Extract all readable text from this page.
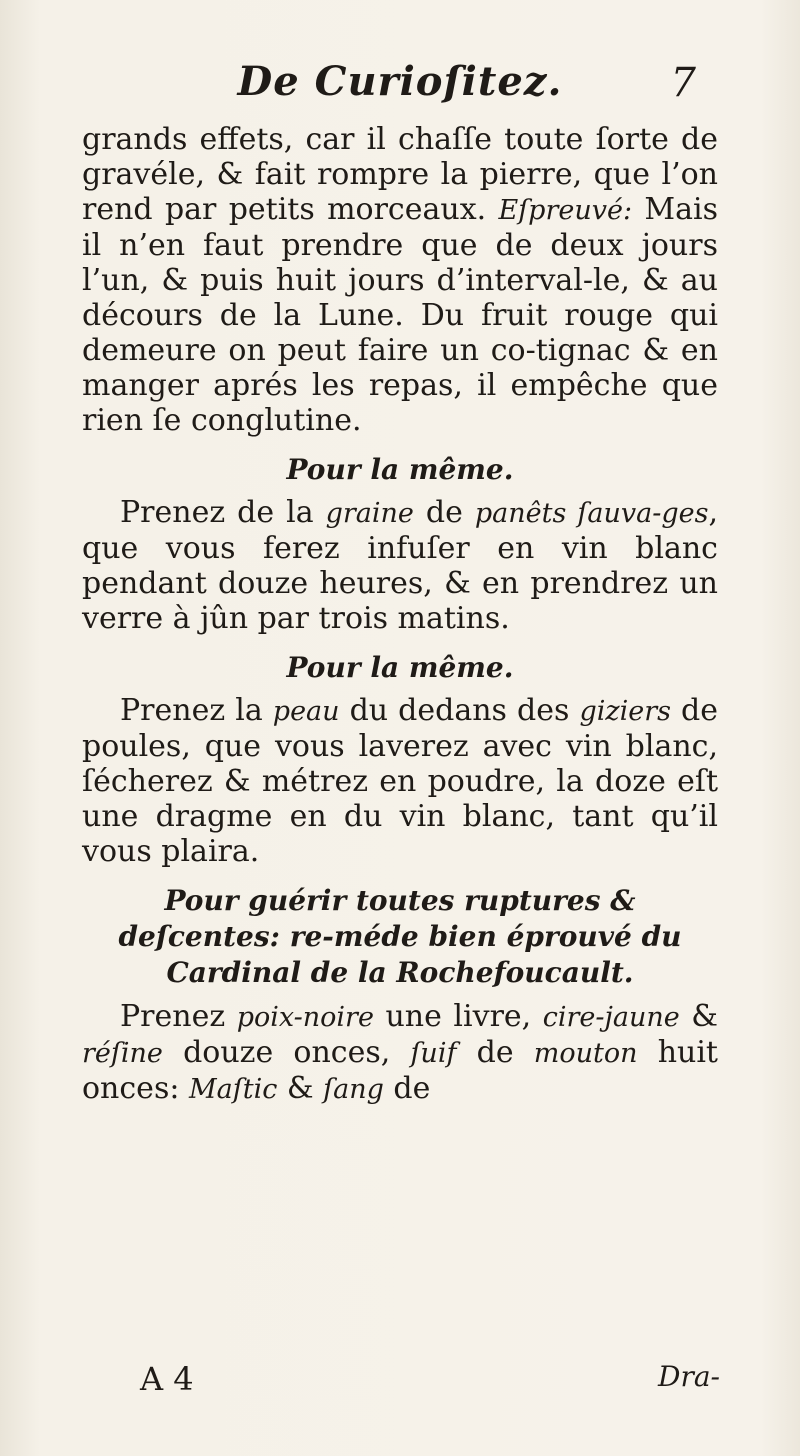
De Curioſitez.	7

grands effets, car il chaſſe toute ſorte de gravéle, & fait rompre la pierre, que l’on rend par petits morceaux. Eſpreuvé: Mais il n’en faut prendre que de deux jours l’un, & puis huit jours d’interval-le, & au décours de la Lune. Du fruit rouge qui demeure on peut faire un co-tignac & en manger aprés les repas, il empêche que rien ſe conglutine.

Pour la même.

Prenez de la graine de panêts ſauva-ges, que vous ferez infuſer en vin blanc pendant douze heures, & en prendrez un verre à jûn par trois matins.

Pour la même.

Prenez la peau du dedans des giziers de poules, que vous laverez avec vin blanc, ſécherez & métrez en poudre, la doze eſt une dragme en du vin blanc, tant qu’il vous plaira.

Pour guérir toutes ruptures & deſcentes: re-méde bien éprouvé du Cardinal de la Rochefoucault.

Prenez poix-noire une livre, cire-jaune & réſine douze onces, ſuif de mouton huit onces: Maſtic & ſang de

A 4	Dra-
